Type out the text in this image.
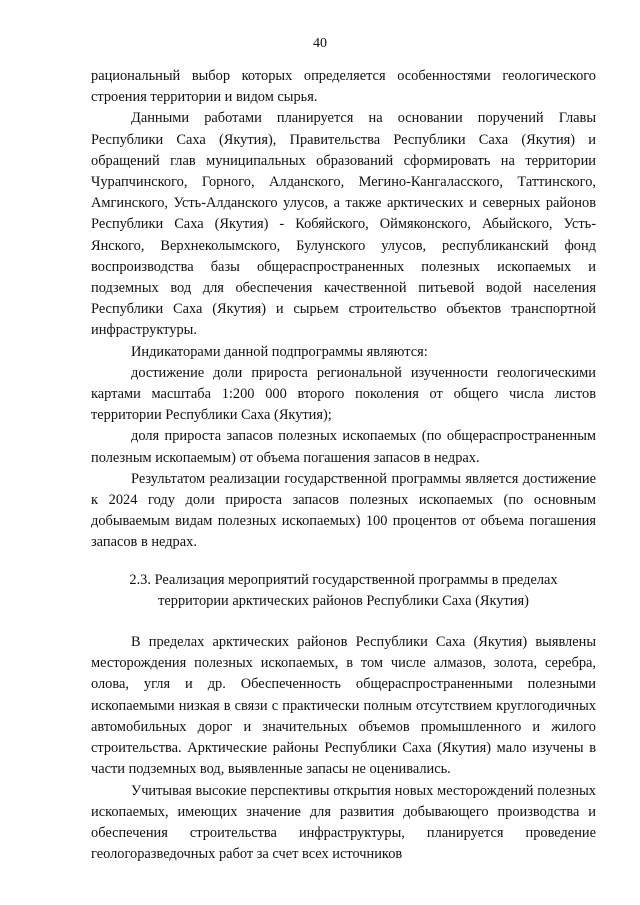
40

рациональный выбор которых определяется особенностями геологического строения территории и видом сырья.

Данными работами планируется на основании поручений Главы Республики Саха (Якутия), Правительства Республики Саха (Якутия) и обращений глав муниципальных образований сформировать на территории Чурапчинского, Горного, Алданского, Мегино-Кангаласского, Таттинского, Амгинского, Усть-Алданского улусов, а также арктических и северных районов Республики Саха (Якутия) - Кобяйского, Оймяконского, Абыйского, Усть-Янского, Верхнеколымского, Булунского улусов, республиканский фонд воспроизводства базы общераспространенных полезных ископаемых и подземных вод для обеспечения качественной питьевой водой населения Республики Саха (Якутия) и сырьем строительство объектов транспортной инфраструктуры.

Индикаторами данной подпрограммы являются:

достижение доли прироста региональной изученности геологическими картами масштаба 1:200 000 второго поколения от общего числа листов территории Республики Саха (Якутия);

доля прироста запасов полезных ископаемых (по общераспространенным полезным ископаемым) от объема погашения запасов в недрах.

Результатом реализации государственной программы является достижение к 2024 году доли прироста запасов полезных ископаемых (по основным добываемым видам полезных ископаемых) 100 процентов от объема погашения запасов в недрах.

2.3. Реализация мероприятий государственной программы в пределах
территории арктических районов Республики Саха (Якутия)

В пределах арктических районов Республики Саха (Якутия) выявлены месторождения полезных ископаемых, в том числе алмазов, золота, серебра, олова, угля и др. Обеспеченность общераспространенными полезными ископаемыми низкая в связи с практически полным отсутствием круглогодичных автомобильных дорог и значительных объемов промышленного и жилого строительства. Арктические районы Республики Саха (Якутия) мало изучены в части подземных вод, выявленные запасы не оценивались.

Учитывая высокие перспективы открытия новых месторождений полезных ископаемых, имеющих значение для развития добывающего производства и обеспечения строительства инфраструктуры, планируется проведение геологоразведочных работ за счет всех источников
